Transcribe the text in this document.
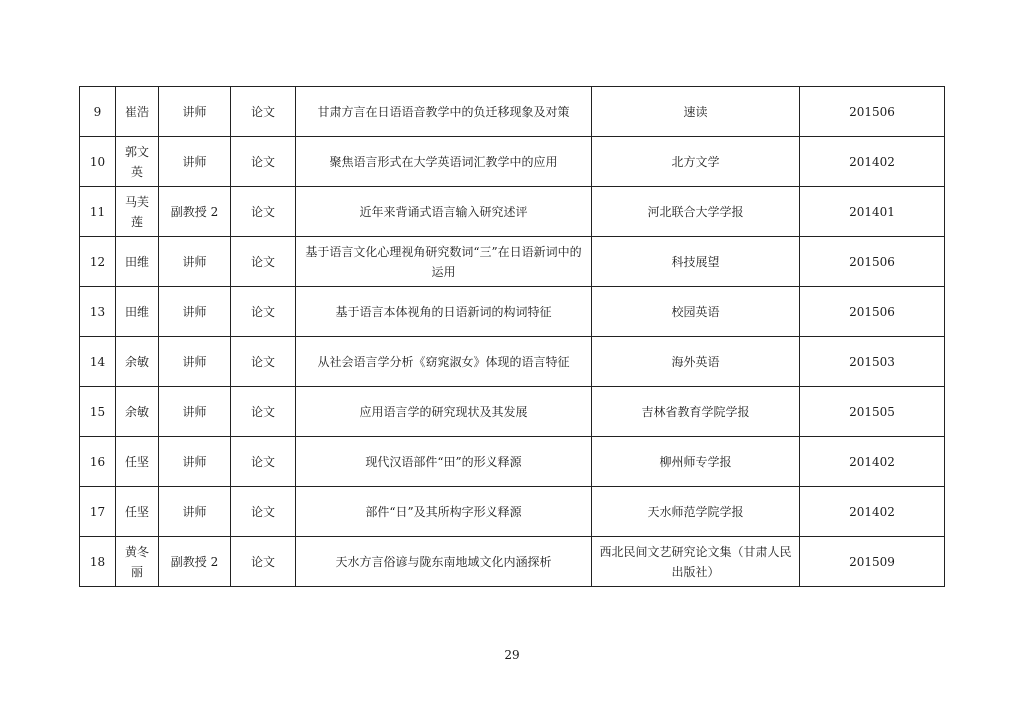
9	崔浩	讲师	论文	甘肃方言在日语语音教学中的负迁移现象及对策	速读	201506
10	郭文英	讲师	论文	聚焦语言形式在大学英语词汇教学中的应用	北方文学	201402
11	马芙莲	副教授 2	论文	近年来背诵式语言输入研究述评	河北联合大学学报	201401
12	田维	讲师	论文	基于语言文化心理视角研究数词“三”在日语新词中的运用	科技展望	201506
13	田维	讲师	论文	基于语言本体视角的日语新词的构词特征	校园英语	201506
14	余敏	讲师	论文	从社会语言学分析《窈窕淑女》体现的语言特征	海外英语	201503
15	余敏	讲师	论文	应用语言学的研究现状及其发展	吉林省教育学院学报	201505
16	任坚	讲师	论文	现代汉语部件“田”的形义释源	柳州师专学报	201402
17	任坚	讲师	论文	部件“日”及其所构字形义释源	天水师范学院学报	201402
18	黄冬丽	副教授 2	论文	天水方言俗谚与陇东南地域文化内涵探析	西北民间文艺研究论文集（甘肃人民出版社）	201509
29
